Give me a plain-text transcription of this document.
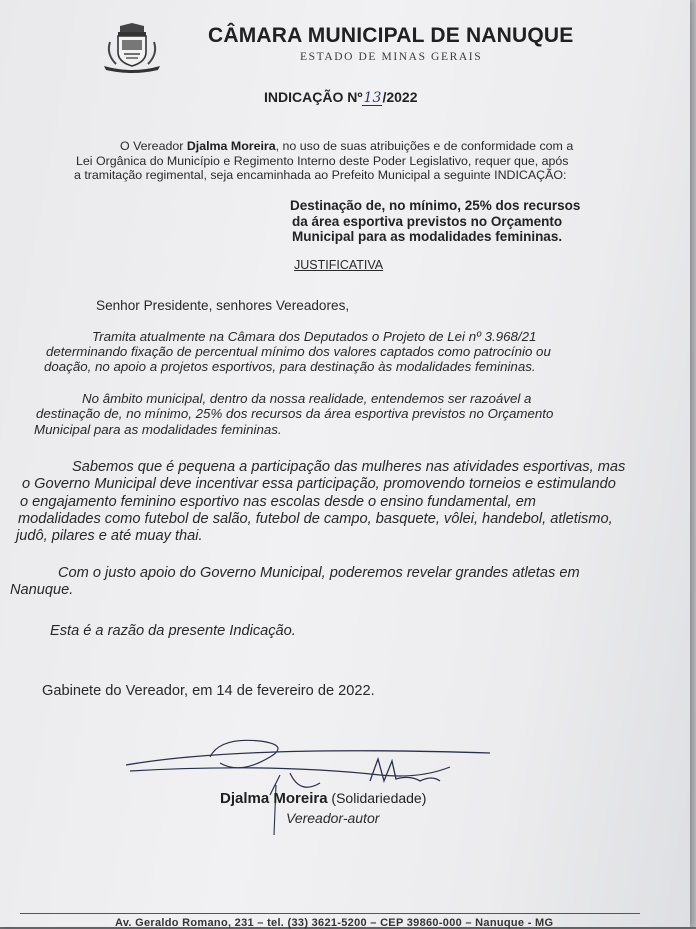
CÂMARA MUNICIPAL DE NANUQUE
ESTADO DE MINAS GERAIS
INDICAÇÃO Nº13/2022
O Vereador Djalma Moreira, no uso de suas atribuições e de conformidade com a
Lei Orgânica do Município e Regimento Interno deste Poder Legislativo, requer que, após
a tramitação regimental, seja encaminhada ao Prefeito Municipal a seguinte INDICAÇÃO:
Destinação de, no mínimo, 25% dos recursos
da área esportiva previstos no Orçamento
Municipal para as modalidades femininas.
JUSTIFICATIVA
Senhor Presidente, senhores Vereadores,
Tramita atualmente na Câmara dos Deputados o Projeto de Lei nº 3.968/21
determinando fixação de percentual mínimo dos valores captados como patrocínio ou
doação, no apoio a projetos esportivos, para destinação às modalidades femininas.
No âmbito municipal, dentro da nossa realidade, entendemos ser razoável a
destinação de, no mínimo, 25% dos recursos da área esportiva previstos no Orçamento
Municipal para as modalidades femininas.
Sabemos que é pequena a participação das mulheres nas atividades esportivas, mas
o Governo Municipal deve incentivar essa participação, promovendo torneios e estimulando
o engajamento feminino esportivo nas escolas desde o ensino fundamental, em
modalidades como futebol de salão, futebol de campo, basquete, vôlei, handebol, atletismo,
judô, pilares e até muay thai.
Com o justo apoio do Governo Municipal, poderemos revelar grandes atletas em
Nanuque.
Esta é a razão da presente Indicação.
Gabinete do Vereador, em 14 de fevereiro de 2022.
Djalma Moreira (Solidariedade)
Vereador-autor
Av. Geraldo Romano, 231 – tel. (33) 3621-5200 – CEP 39860-000 – Nanuque - MG
